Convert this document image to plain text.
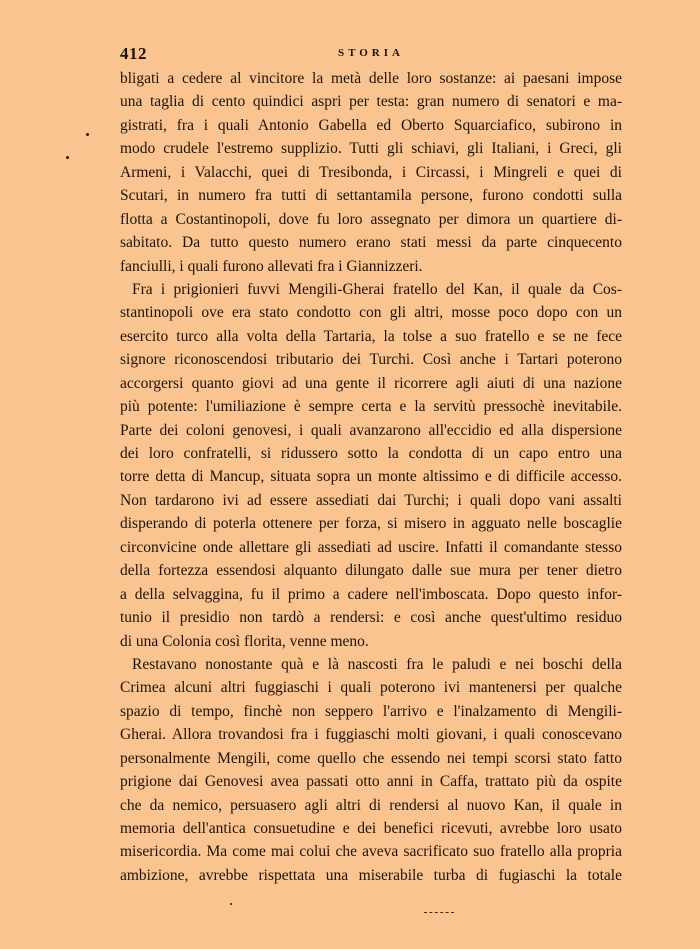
412	STORIA
bligati a cedere al vincitore la metà delle loro sostanze: ai paesani impose
una taglia di cento quindici aspri per testa: gran numero di senatori e ma-
gistrati, fra i quali Antonio Gabella ed Oberto Squarciafico, subirono in
modo crudele l'estremo supplizio. Tutti gli schiavi, gli Italiani, i Greci, gli
Armeni, i Valacchi, quei di Tresibonda, i Circassi, i Mingreli e quei di
Scutari, in numero fra tutti di settantamila persone, furono condotti sulla
flotta a Costantinopoli, dove fu loro assegnato per dimora un quartiere di-
sabitato. Da tutto questo numero erano stati messi da parte cinquecento
fanciulli, i quali furono allevati fra i Giannizzeri.
Fra i prigionieri fuvvi Mengili-Gherai fratello del Kan, il quale da Cos-
stantinopoli ove era stato condotto con gli altri, mosse poco dopo con un
esercito turco alla volta della Tartaria, la tolse a suo fratello e se ne fece
signore riconoscendosi tributario dei Turchi. Così anche i Tartari poterono
accorgersi quanto giovi ad una gente il ricorrere agli aiuti di una nazione
più potente: l'umiliazione è sempre certa e la servitù pressochè inevitabile.
Parte dei coloni genovesi, i quali avanzarono all'eccidio ed alla dispersione
dei loro confratelli, si ridussero sotto la condotta di un capo entro una
torre detta di Mancup, situata sopra un monte altissimo e di difficile accesso.
Non tardarono ivi ad essere assediati dai Turchi; i quali dopo vani assalti
disperando di poterla ottenere per forza, si misero in agguato nelle boscaglie
circonvicine onde allettare gli assediati ad uscire. Infatti il comandante stesso
della fortezza essendosi alquanto dilungato dalle sue mura per tener dietro
a della selvaggina, fu il primo a cadere nell'imboscata. Dopo questo infor-
tunio il presidio non tardò a rendersi: e così anche quest'ultimo residuo
di una Colonia così florita, venne meno.
Restavano nonostante quà e là nascosti fra le paludi e nei boschi della
Crimea alcuni altri fuggiaschi i quali poterono ivi mantenersi per qualche
spazio di tempo, finchè non seppero l'arrivo e l'inalzamento di Mengili-
Gherai. Allora trovandosi fra i fuggiaschi molti giovani, i quali conoscevano
personalmente Mengili, come quello che essendo nei tempi scorsi stato fatto
prigione dai Genovesi avea passati otto anni in Caffa, trattato più da ospite
che da nemico, persuasero agli altri di rendersi al nuovo Kan, il quale in
memoria dell'antica consuetudine e dei benefici ricevuti, avrebbe loro usato
misericordia. Ma come mai colui che aveva sacrificato suo fratello alla propria
ambizione, avrebbe rispettata una miserabile turba di fugiaschi la totale
